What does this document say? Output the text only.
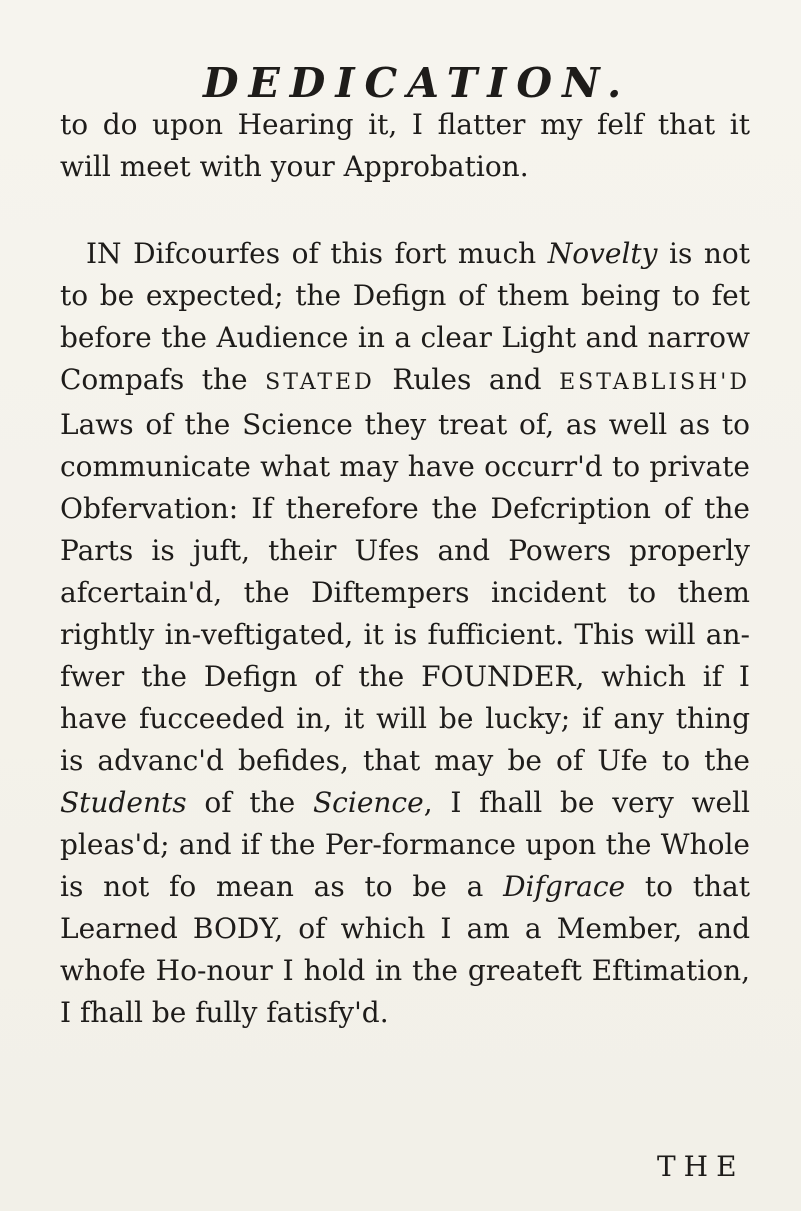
DEDICATION.

to do upon Hearing it, I flatter my felf that it will meet with your Approbation.

IN Difcourfes of this fort much Novelty is not to be expected; the Defign of them being to fet before the Audience in a clear Light and narrow Compafs the STATED Rules and ESTABLISH'D Laws of the Science they treat of, as well as to communicate what may have occurr'd to private Obfervation: If therefore the Defcription of the Parts is juft, their Ufes and Powers properly afcertain'd, the Diftempers incident to them rightly in-veftigated, it is fufficient. This will an-fwer the Defign of the FOUNDER, which if I have fucceeded in, it will be lucky; if any thing is advanc'd befides, that may be of Ufe to the Students of the Science, I fhall be very well pleas'd; and if the Per-formance upon the Whole is not fo mean as to be a Difgrace to that Learned BODY, of which I am a Member, and whofe Ho-nour I hold in the greateft Eftimation, I fhall be fully fatisfy'd.

THE
